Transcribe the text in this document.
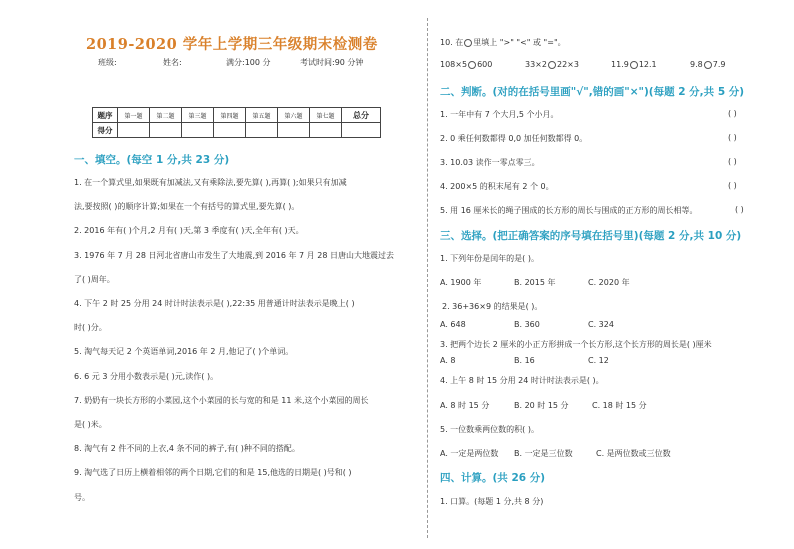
2019-2020 学年上学期三年级期末检测卷
班级:	姓名:	满分:100 分	考试时间:90 分钟
题序	第一题	第二题	第三题	第四题	第五题	第六题	第七题	总分
得分								
一、填空。(每空 1 分,共 23 分)
1. 在一个算式里,如果既有加减法,又有乘除法,要先算( ),再算( );如果只有加减
法,要按照( )的顺序计算;如果在一个有括号的算式里,要先算( )。
2. 2016 年有( )个月,2 月有( )天,第 3 季度有( )天,全年有( )天。
3. 1976 年 7 月 28 日河北省唐山市发生了大地震,到 2016 年 7 月 28 日唐山大地震过去
了( )周年。
4. 下午 2 时 25 分用 24 时计时法表示是( ),22:35 用普通计时法表示是晚上( )
时( )分。
5. 淘气每天记 2 个英语单词,2016 年 2 月,他记了( )个单词。
6. 6 元 3 分用小数表示是( )元,读作( )。
7. 奶奶有一块长方形的小菜园,这个小菜园的长与宽的和是 11 米,这个小菜园的周长
是( )米。
8. 淘气有 2 件不同的上衣,4 条不同的裤子,有( )种不同的搭配。
9. 淘气选了日历上横着相邻的两个日期,它们的和是 15,他选的日期是( )号和( )
号。
10. 在 里填上 ">" "<" 或 "="。
108×5 600	33×2 22×3	11.9 12.1	9.8 7.9
二、判断。(对的在括号里画"√",错的画"×")(每题 2 分,共 5 分)
1. 一年中有 7 个大月,5 个小月。	( )
2. 0 乘任何数都得 0,0 加任何数都得 0。	( )
3. 10.03 读作一零点零三。	( )
4. 200×5 的积末尾有 2 个 0。	( )
5. 用 16 厘米长的绳子围成的长方形的周长与围成的正方形的周长相等。	( )
三、选择。(把正确答案的序号填在括号里)(每题 2 分,共 10 分)
1. 下列年份是闰年的是( )。
A. 1900 年	B. 2015 年	C. 2020 年
2. 36+36×9 的结果是( )。
A. 648	B. 360	C. 324
3. 把两个边长 2 厘米的小正方形拼成一个长方形,这个长方形的周长是( )厘米
A. 8	B. 16	C. 12
4. 上午 8 时 15 分用 24 时计时法表示是( )。
A. 8 时 15 分	B. 20 时 15 分	C. 18 时 15 分
5. 一位数乘两位数的积( )。
A. 一定是两位数 B. 一定是三位数	C. 是两位数或三位数
四、计算。(共 26 分)
1. 口算。(每题 1 分,共 8 分)
